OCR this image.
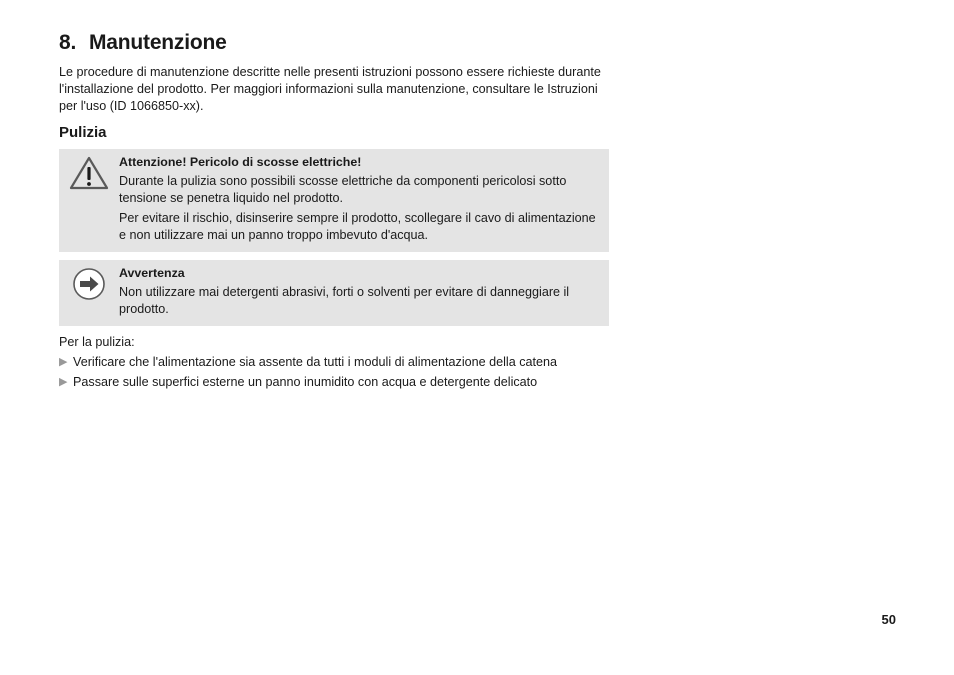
8. Manutenzione

Le procedure di manutenzione descritte nelle presenti istruzioni possono essere richieste durante l'installazione del prodotto. Per maggiori informazioni sulla manutenzione, consultare le Istruzioni per l'uso (ID 1066850-xx).

Pulizia
Attenzione! Pericolo di scosse elettriche!

Durante la pulizia sono possibili scosse elettriche da componenti pericolosi sotto tensione se penetra liquido nel prodotto.

Per evitare il rischio, disinserire sempre il prodotto, scollegare il cavo di alimentazione e non utilizzare mai un panno troppo imbevuto d'acqua.

Avvertenza

Non utilizzare mai detergenti abrasivi, forti o solventi per evitare di danneggiare il prodotto.

Per la pulizia:

▶ Verificare che l'alimentazione sia assente da tutti i moduli di alimentazione della catena
▶ Passare sulle superfici esterne un panno inumidito con acqua e detergente delicato
50
